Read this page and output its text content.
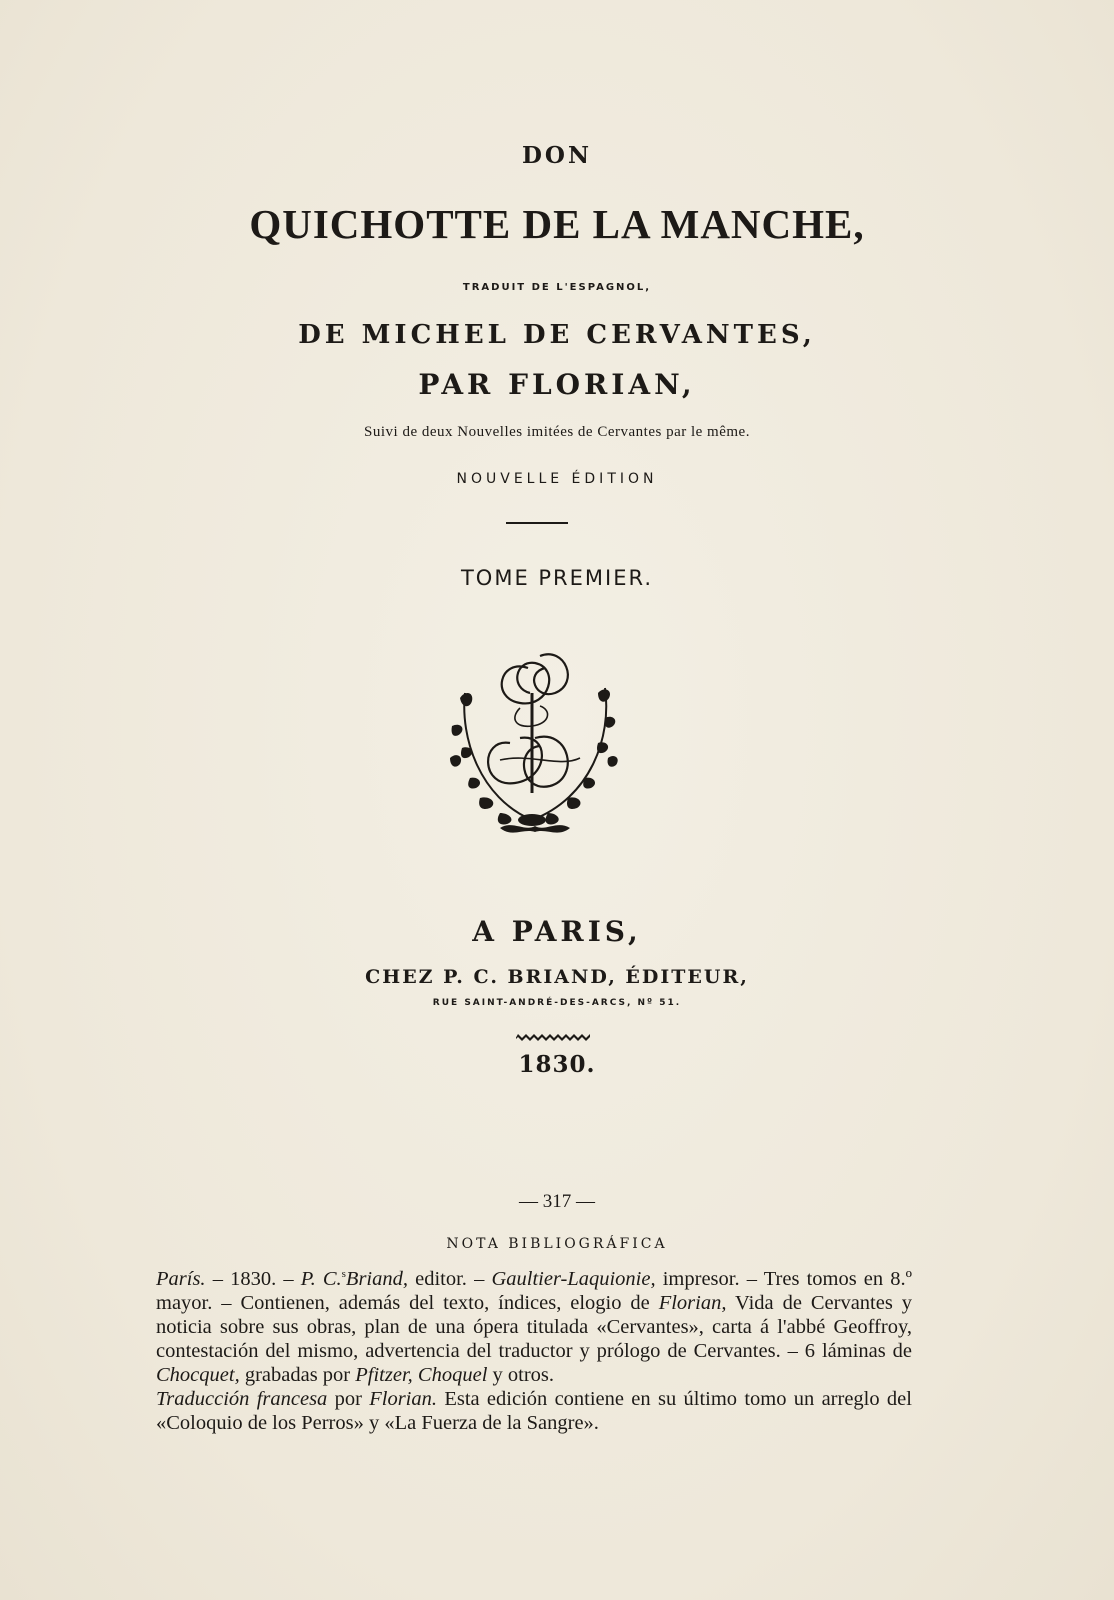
DON
QUICHOTTE DE LA MANCHE,
TRADUIT DE L'ESPAGNOL,
DE MICHEL DE CERVANTES,
PAR FLORIAN,
Suivi de deux Nouvelles imitées de Cervantes par le même.
NOUVELLE ÉDITION
TOME PREMIER.
A PARIS,
CHEZ P. C. BRIAND, ÉDITEUR,
RUE SAINT-ANDRÉ-DES-ARCS, Nº 51.
1830.
— 317 —
NOTA BIBLIOGRÁFICA

París. – 1830. – P. C.$^s$Briand, editor. – Gaultier-Laquionie, impresor. – Tres tomos en 8.º mayor. – Contienen, además del texto, índices, elogio de Florian, Vida de Cervantes y noticia sobre sus obras, plan de una ópera titulada «Cervantes», carta á l'abbé Geoffroy, contestación del mismo, advertencia del traductor y prólogo de Cervantes. – 6 láminas de Chocquet, grabadas por Pfitzer, Choquel y otros.

Traducción francesa por Florian. Esta edición contiene en su último tomo un arreglo del «Coloquio de los Perros» y «La Fuerza de la Sangre».
